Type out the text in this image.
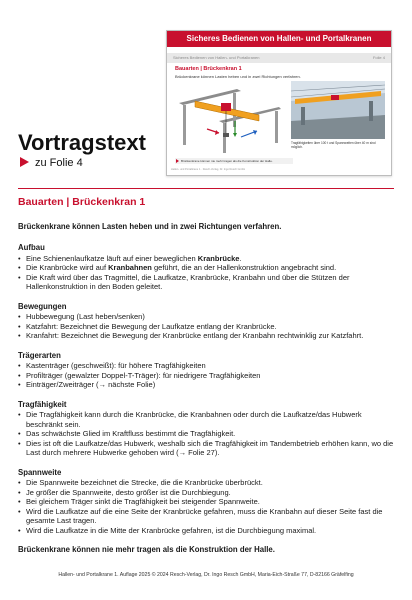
Sicheres Bedienen von Hallen- und Portalkranen
Sicheres Bedienen von Hallen- und Portalkranen	Folie 4
Bauarten | Brückenkran 1
Brückenkrane können Lasten heben und in zwei Richtungen verfahren.
Tragfähigkeiten über 100 t und Spannweiten über 40 m sind möglich.
Brückenkrane können nie mehr tragen als die Konstruktion der Halle.
Hallen- und Portalkrane 1 · Resch-Verlag, Dr. Ingo Resch GmbH
Vortragstext
zu Folie 4
Bauarten | Brückenkran 1
Brückenkrane können Lasten heben und in zwei Richtungen verfahren.
Aufbau
• Eine Schienenlaufkatze läuft auf einer beweglichen Kranbrücke.
• Die Kranbrücke wird auf Kranbahnen geführt, die an der Hallenkonstruktion angebracht sind.
• Die Kraft wird über das Tragmittel, die Laufkatze, Kranbrücke, Kranbahn und über die Stützen der Hallenkonstruktion in den Boden geleitet.
Bewegungen
• Hubbewegung (Last heben/senken)
• Katzfahrt: Bezeichnet die Bewegung der Laufkatze entlang der Kranbrücke.
• Kranfahrt: Bezeichnet die Bewegung der Kranbrücke entlang der Kranbahn rechtwinklig zur Katzfahrt.
Trägerarten
• Kastenträger (geschweißt): für höhere Tragfähigkeiten
• Profilträger (gewalzter Doppel-T-Träger): für niedrigere Tragfähigkeiten
• Einträger/Zweiträger (→ nächste Folie)
Tragfähigkeit
• Die Tragfähigkeit kann durch die Kranbrücke, die Kranbahnen oder durch die Laufkatze/das Hubwerk beschränkt sein.
• Das schwächste Glied im Kraftfluss bestimmt die Tragfähigkeit.
• Dies ist oft die Laufkatze/das Hubwerk, weshalb sich die Tragfähigkeit im Tandembetrieb erhöhen kann, wo die Last durch mehrere Hubwerke gehoben wird (→ Folie 27).
Spannweite
• Die Spannweite bezeichnet die Strecke, die die Kranbrücke überbrückt.
• Je größer die Spannweite, desto größer ist die Durchbiegung.
• Bei gleichem Träger sinkt die Tragfähigkeit bei steigender Spannweite.
• Wird die Laufkatze auf die eine Seite der Kranbrücke gefahren, muss die Kranbahn auf dieser Seite fast die gesamte Last tragen.
• Wird die Laufkatze in die Mitte der Kranbrücke gefahren, ist die Durchbiegung maximal.
Brückenkrane können nie mehr tragen als die Konstruktion der Halle.
Hallen- und Portalkrane 1. Auflage 2025 © 2024 Resch-Verlag, Dr. Ingo Resch GmbH, Maria-Eich-Straße 77, D-82166 Gräfelfing
